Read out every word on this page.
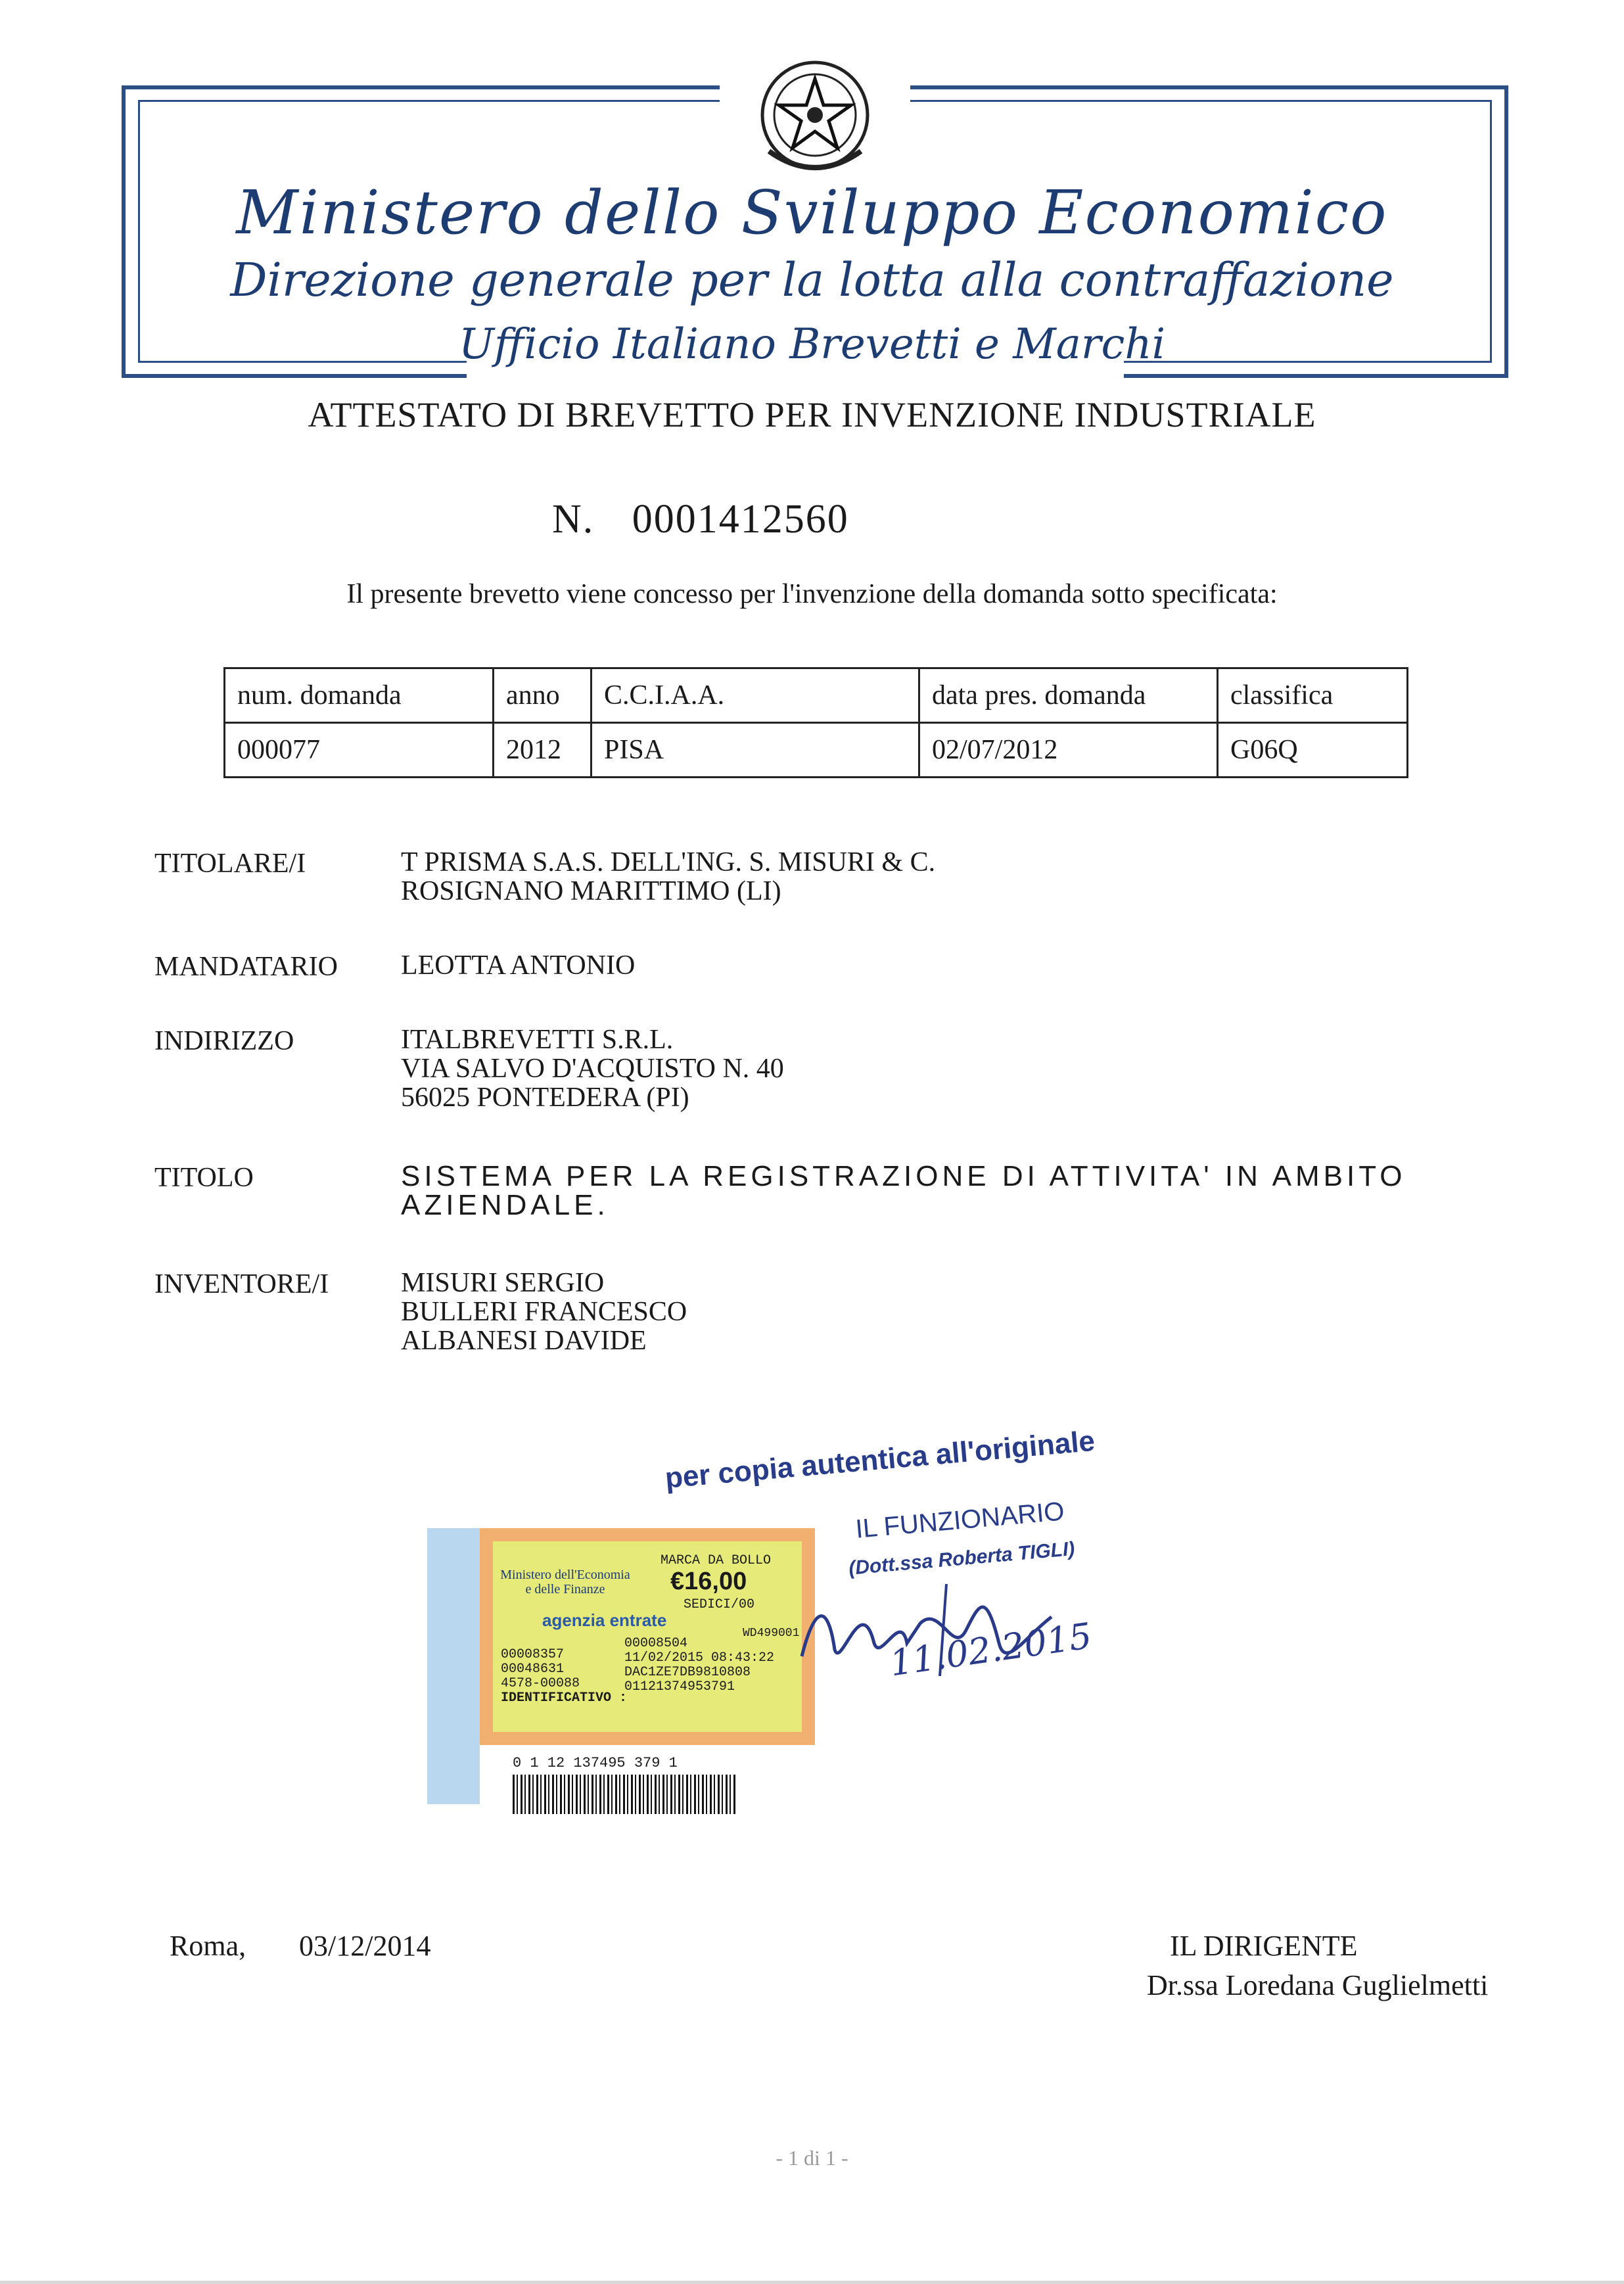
Ministero dello Sviluppo Economico
Direzione generale per la lotta alla contraffazione
Ufficio Italiano Brevetti e Marchi
ATTESTATO DI BREVETTO PER INVENZIONE INDUSTRIALE
N. 0001412560
Il presente brevetto viene concesso per l'invenzione della domanda sotto specificata:
num. domanda	anno	C.C.I.A.A.	data pres. domanda	classifica
000077	2012	PISA	02/07/2012	G06Q
TITOLARE/I	T PRISMA S.A.S. DELL'ING. S. MISURI & C.
ROSIGNANO MARITTIMO (LI)
MANDATARIO LEOTTA ANTONIO
INDIRIZZO	ITALBREVETTI S.R.L.
VIA SALVO D'ACQUISTO N. 40
56025 PONTEDERA (PI)
TITOLO	SISTEMA PER LA REGISTRAZIONE DI ATTIVITA' IN AMBITO
AZIENDALE.
INVENTORE/I	MISURI SERGIO
BULLERI FRANCESCO
ALBANESI DAVIDE
Ministero dell'Economia e delle Finanze
agenzia entrate
MARCA DA BOLLO
€16,00
SEDICI/00
00008357
00048631
4578-00088
IDENTIFICATIVO :
00008504
11/02/2015 08:43:22
DAC1ZE7DB9810808
01121374953791
WD499001
0 1 12 137495 379 1
per copia autentica all'originale
IL FUNZIONARIO
(Dott.ssa Roberta TIGLI)
11.02.2015
Roma, 03/12/2014	IL DIRIGENTE
Dr.ssa Loredana Guglielmetti
- 1 di 1 -
